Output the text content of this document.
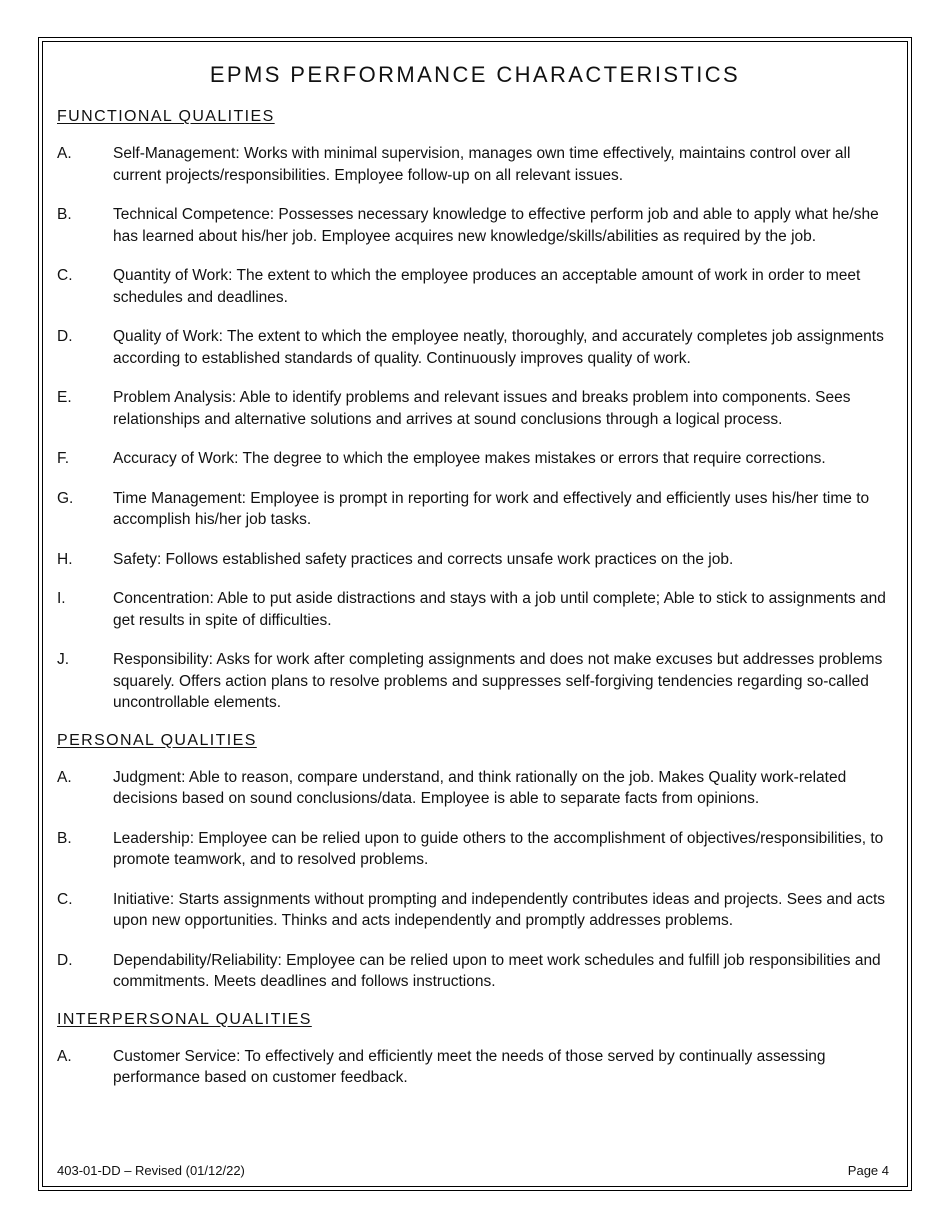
EPMS PERFORMANCE CHARACTERISTICS
FUNCTIONAL QUALITIES
A.	Self-Management: Works with minimal supervision, manages own time effectively, maintains control over all current projects/responsibilities. Employee follow-up on all relevant issues.
B.	Technical Competence: Possesses necessary knowledge to effective perform job and able to apply what he/she has learned about his/her job. Employee acquires new knowledge/skills/abilities as required by the job.
C.	Quantity of Work: The extent to which the employee produces an acceptable amount of work in order to meet schedules and deadlines.
D.	Quality of Work: The extent to which the employee neatly, thoroughly, and accurately completes job assignments according to established standards of quality. Continuously improves quality of work.
E.	Problem Analysis: Able to identify problems and relevant issues and breaks problem into components. Sees relationships and alternative solutions and arrives at sound conclusions through a logical process.
F.	Accuracy of Work: The degree to which the employee makes mistakes or errors that require corrections.
G.	Time Management: Employee is prompt in reporting for work and effectively and efficiently uses his/her time to accomplish his/her job tasks.
H.	Safety: Follows established safety practices and corrects unsafe work practices on the job.
I.	Concentration: Able to put aside distractions and stays with a job until complete; Able to stick to assignments and get results in spite of difficulties.
J.	Responsibility: Asks for work after completing assignments and does not make excuses but addresses problems squarely. Offers action plans to resolve problems and suppresses self-forgiving tendencies regarding so-called uncontrollable elements.
PERSONAL QUALITIES
A.	Judgment: Able to reason, compare understand, and think rationally on the job. Makes Quality work-related decisions based on sound conclusions/data. Employee is able to separate facts from opinions.
B.	Leadership: Employee can be relied upon to guide others to the accomplishment of objectives/responsibilities, to promote teamwork, and to resolved problems.
C.	Initiative: Starts assignments without prompting and independently contributes ideas and projects. Sees and acts upon new opportunities. Thinks and acts independently and promptly addresses problems.
D.	Dependability/Reliability: Employee can be relied upon to meet work schedules and fulfill job responsibilities and commitments. Meets deadlines and follows instructions.
INTERPERSONAL QUALITIES
A.	Customer Service: To effectively and efficiently meet the needs of those served by continually assessing performance based on customer feedback.
403-01-DD – Revised (01/12/22)	Page 4
